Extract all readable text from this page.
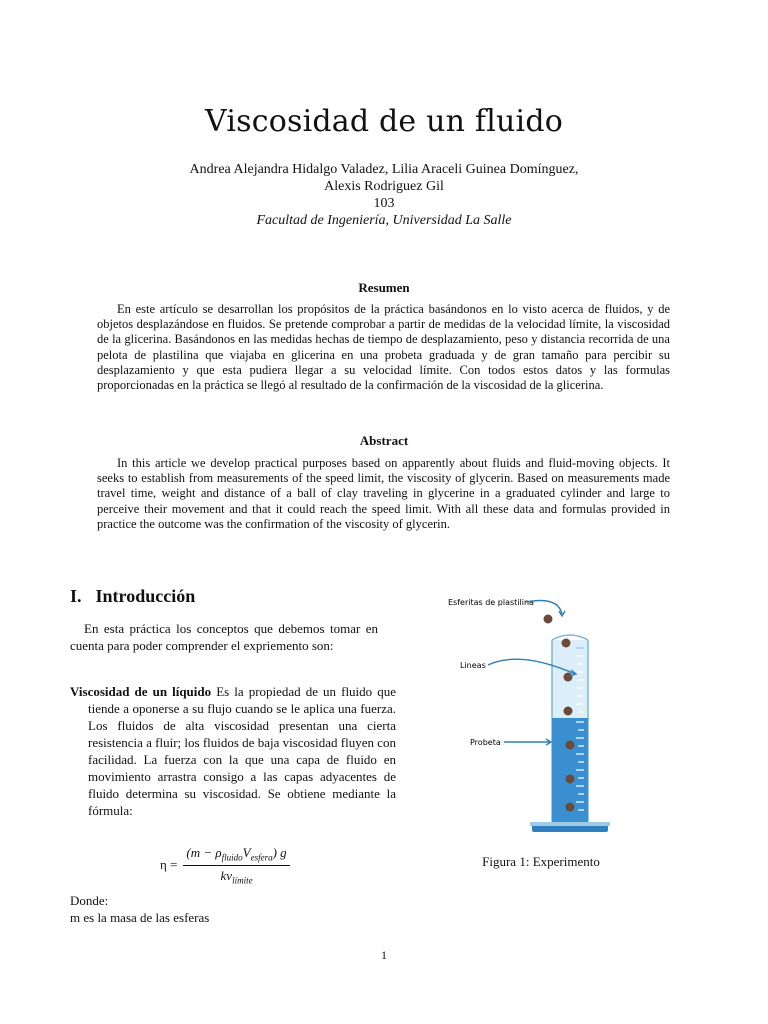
Viscosidad de un fluido
Andrea Alejandra Hidalgo Valadez, Lilia Araceli Guinea Domínguez,
Alexis Rodriguez Gil
103
Facultad de Ingeniería, Universidad La Salle
Resumen
En este artículo se desarrollan los propósitos de la práctica basándonos en lo visto acerca de fluidos, y de objetos desplazándose en fluidos. Se pretende comprobar a partir de medidas de la velocidad límite, la viscosidad de la glicerina. Basándonos en las medidas hechas de tiempo de desplazamiento, peso y distancia recorrida de una pelota de plastilina que viajaba en glicerina en una probeta graduada y de gran tamaño para percibir su desplazamiento y que esta pudiera llegar a su velocidad límite. Con todos estos datos y las formulas proporcionadas en la práctica se llegó al resultado de la confirmación de la viscosidad de la glicerina.
Abstract
In this article we develop practical purposes based on apparently about fluids and fluid-moving objects. It seeks to establish from measurements of the speed limit, the viscosity of glycerin. Based on measurements made travel time, weight and distance of a ball of clay traveling in glycerine in a graduated cylinder and large to perceive their movement and that it could reach the speed limit. With all these data and formulas provided in practice the outcome was the confirmation of the viscosity of glycerin.
I. Introducción
En esta práctica los conceptos que debemos tomar en cuenta para poder comprender el expriemento son:
Viscosidad de un líquido Es la propiedad de un fluido que tiende a oponerse a su flujo cuando se le aplica una fuerza. Los fluidos de alta viscosidad presentan una cierta resistencia a fluir; los fluidos de baja viscosidad fluyen con facilidad. La fuerza con la que una capa de fluido en movimiento arrastra consigo a las capas adyacentes de fluido determina su viscosidad. Se obtiene mediante la fórmula:
$\eta = \frac{(m - \rho_{fluido}V_{esfera}) g}{kv_{límite}}$
Donde:
m es la masa de las esferas
Esferitas de plastilina
Lineas
Probeta
Figura 1: Experimento
1
